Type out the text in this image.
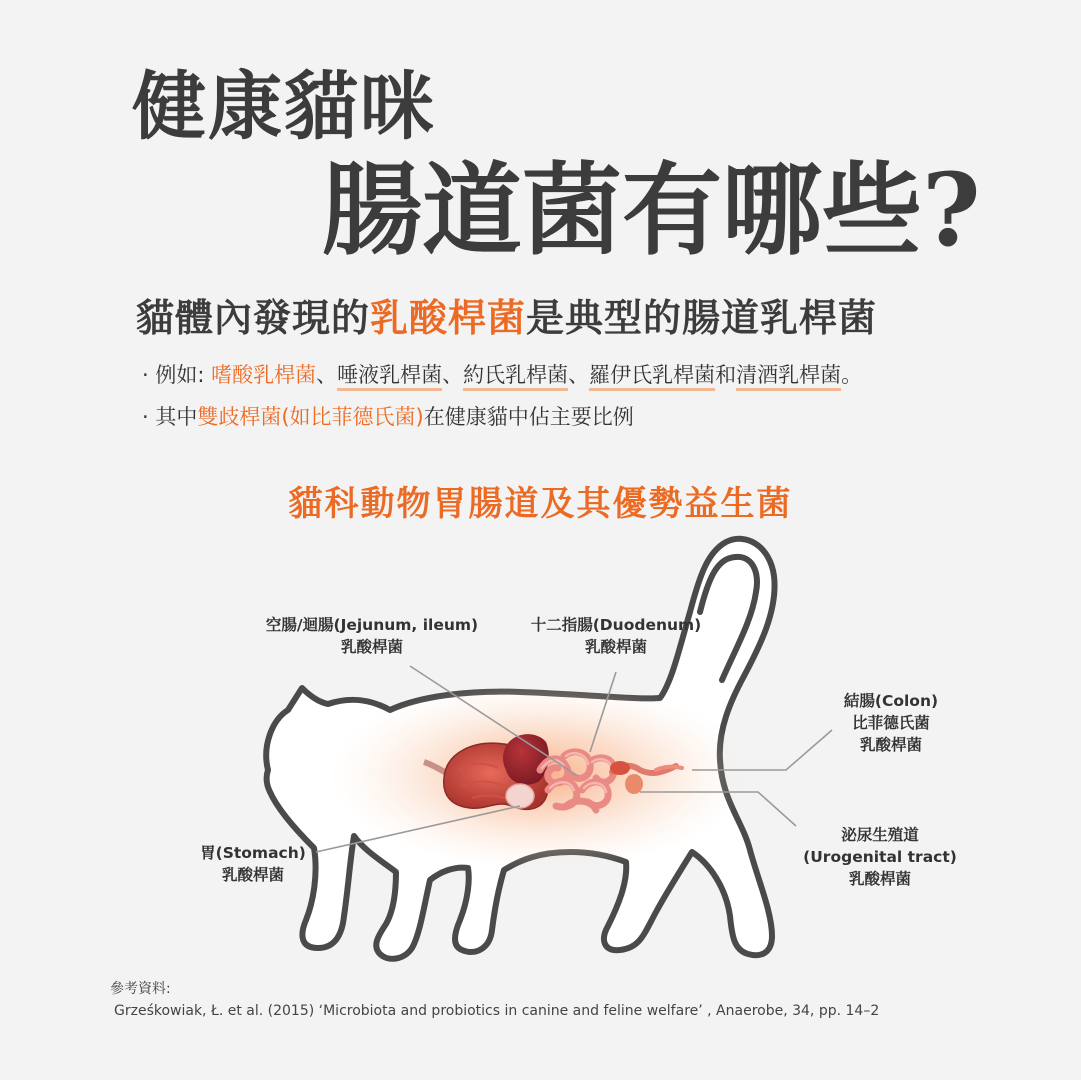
健康貓咪
腸道菌有哪些?
貓體內發現的乳酸桿菌是典型的腸道乳桿菌
· 例如: 嗜酸乳桿菌、唾液乳桿菌、約氏乳桿菌、羅伊氏乳桿菌和清酒乳桿菌。
· 其中雙歧桿菌(如比菲德氏菌)在健康貓中佔主要比例
貓科動物胃腸道及其優勢益生菌
空腸/迴腸(Jejunum, ileum)
乳酸桿菌
十二指腸(Duodenum)
乳酸桿菌
結腸(Colon)
比菲德氏菌
乳酸桿菌
胃(Stomach)
乳酸桿菌
泌尿生殖道
(Urogenital tract)
乳酸桿菌
參考資料:
Grześkowiak, Ł. et al. (2015) ‘Microbiota and probiotics in canine and feline welfare’ , Anaerobe, 34, pp. 14–2
